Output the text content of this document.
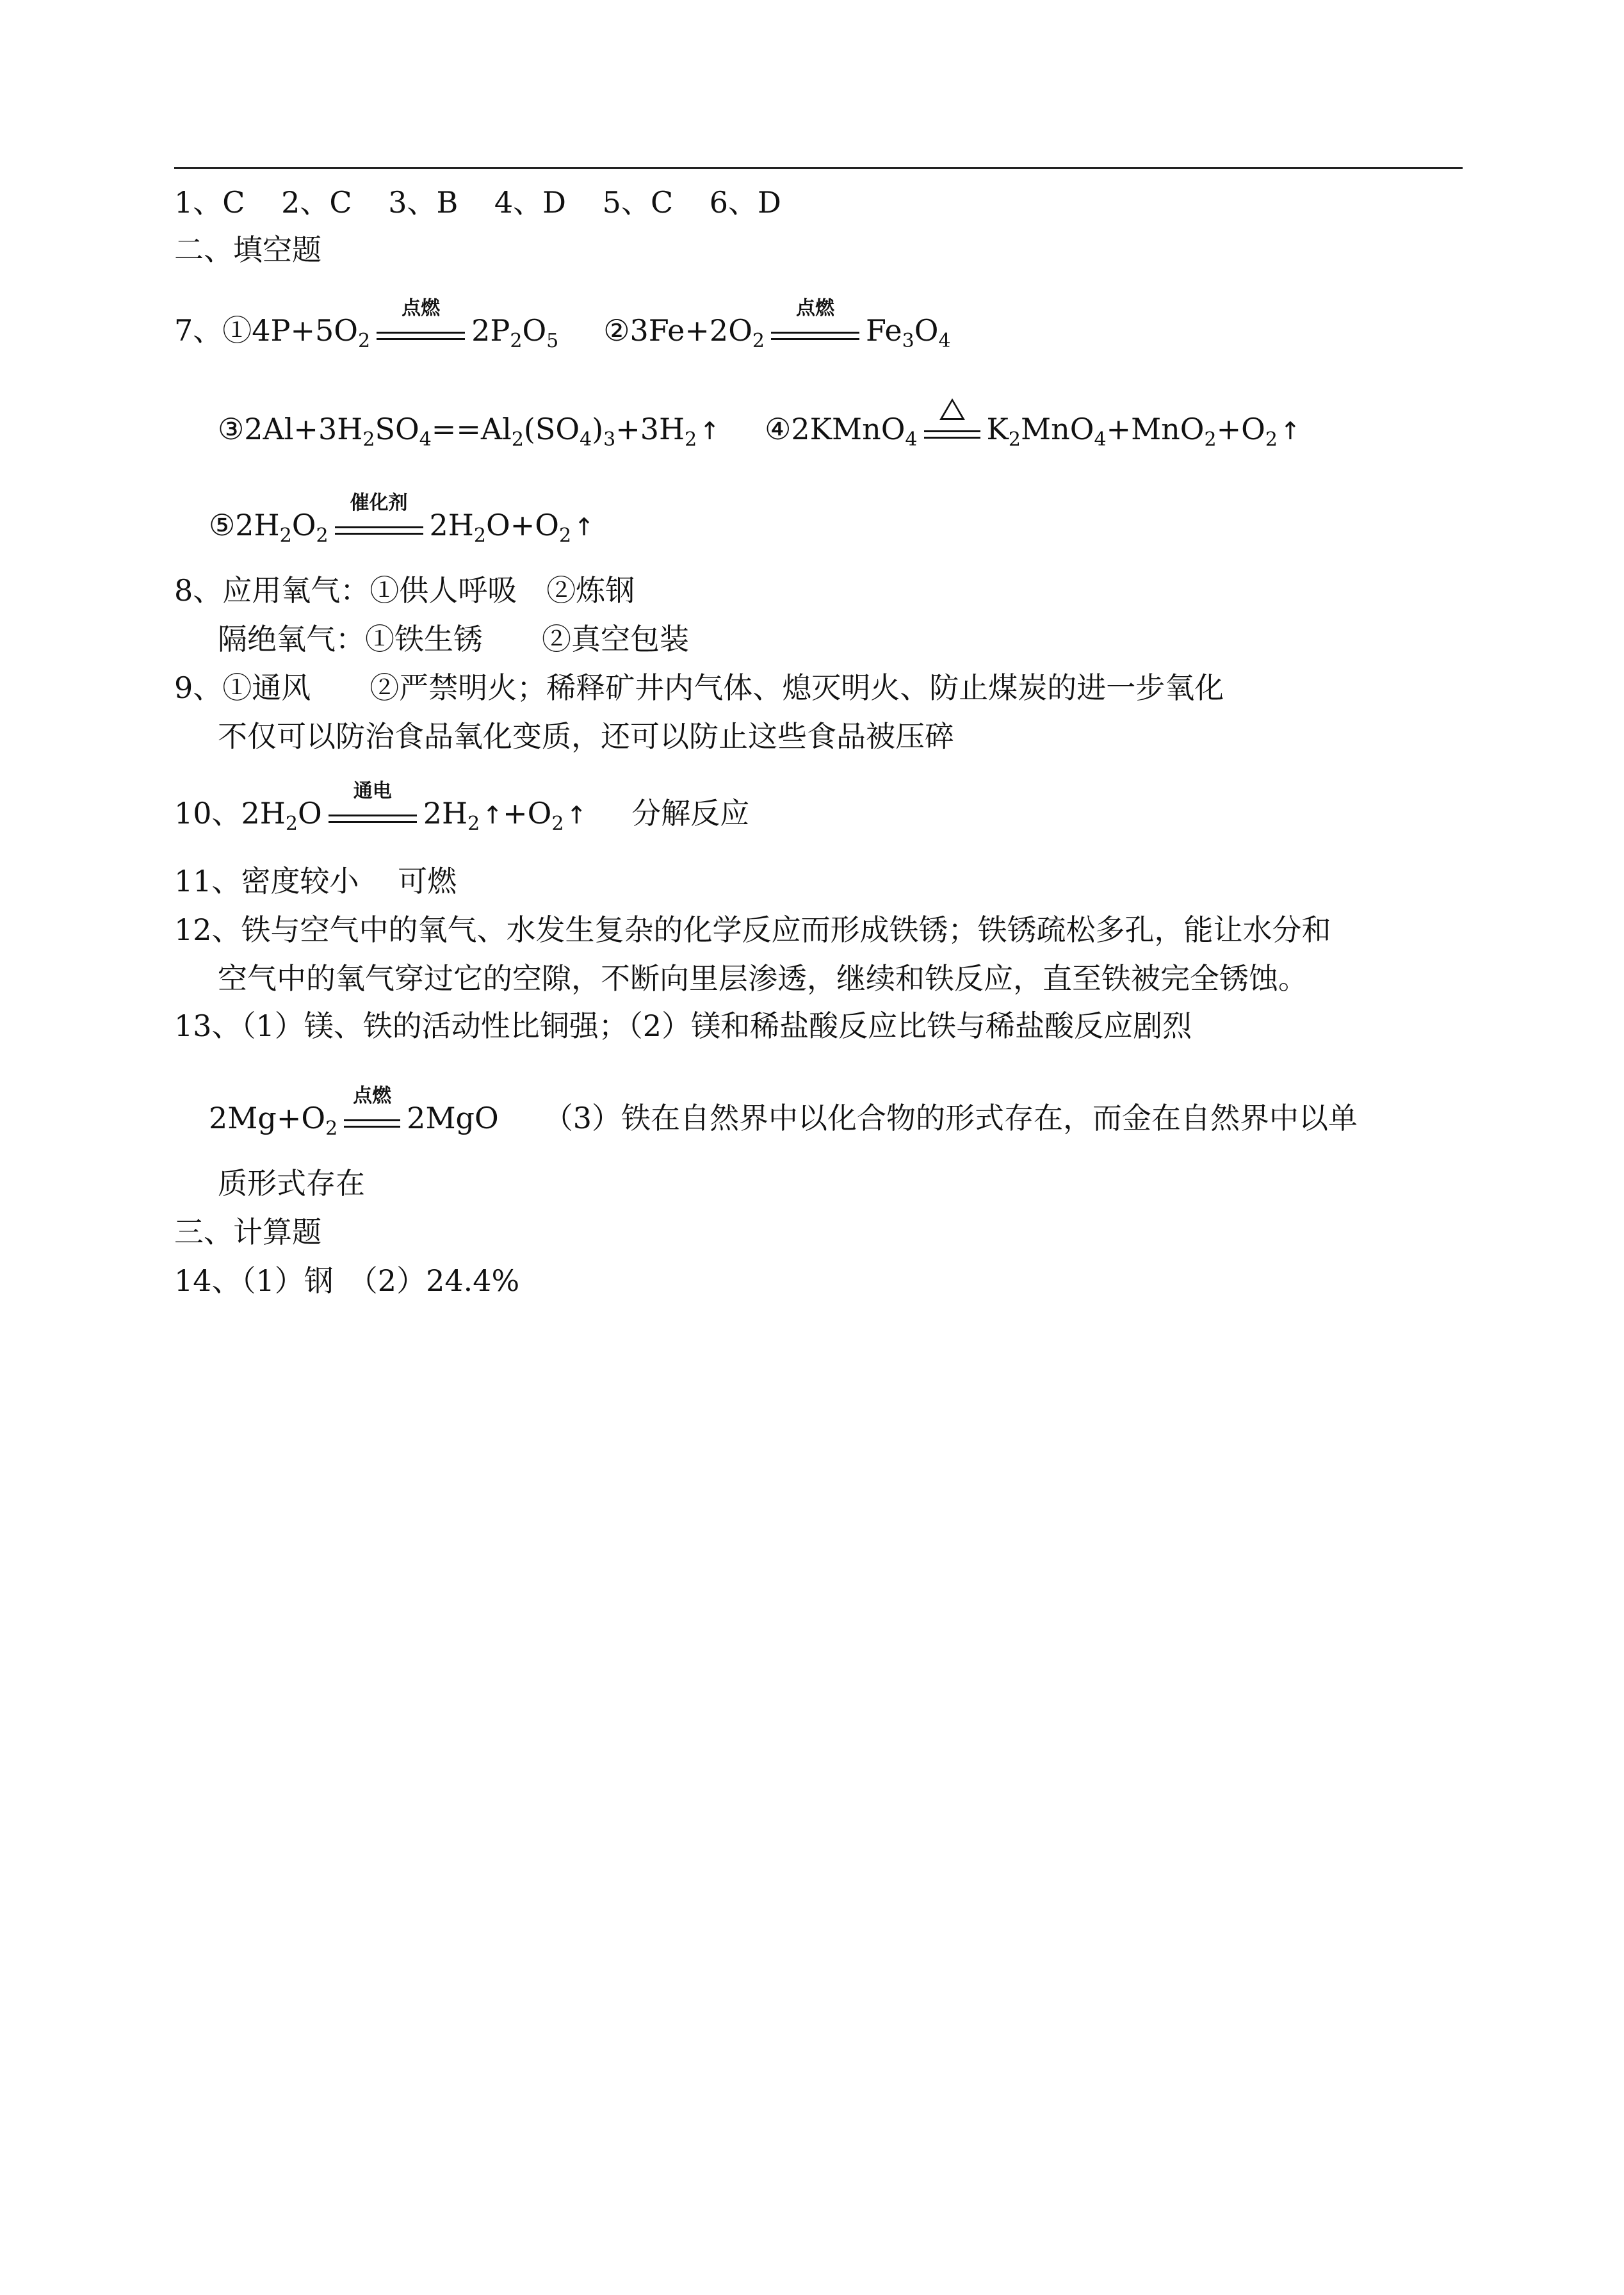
1、C 2、C 3、B 4、D 5、C 6、D
二、填空题
7、$①4P+5O_2$
点燃
$2P_2O_5$ $②3Fe+2O_2$
点燃
$Fe_3O_4$
$③2Al+3H_2SO_4==Al_2(SO_4)_3+3H_2$ ↑ ④2KMnO$_4$ $K_2MnO_4+MnO_2+O_2$ ↑
$⑤2H_2O_2$
催化剂
$2H_2O+O_2$ ↑
8、应用氧气：①供人呼吸　②炼钢
隔绝氧气：①铁生锈　　②真空包装
9、①通风　　②严禁明火；稀释矿井内气体、熄灭明火、防止煤炭的进一步氧化
不仅可以防治食品氧化变质，还可以防止这些食品被压碎
10、$2H_2O$
通电
$2H_2$ $↑+O_2$ ↑ 分解反应
11、密度较小　 可燃
12、铁与空气中的氧气、水发生复杂的化学反应而形成铁锈；铁锈疏松多孔，能让水分和
空气中的氧气穿过它的空隙，不断向里层渗透，继续和铁反应，直至铁被完全锈蚀。
13、（1）镁、铁的活动性比铜强；（2）镁和稀盐酸反应比铁与稀盐酸反应剧烈
$2Mg+O_2$
点燃
2MgO （3）铁在自然界中以化合物的形式存在，而金在自然界中以单
质形式存在
三、计算题
14、（1）钢　（2）24.4%
